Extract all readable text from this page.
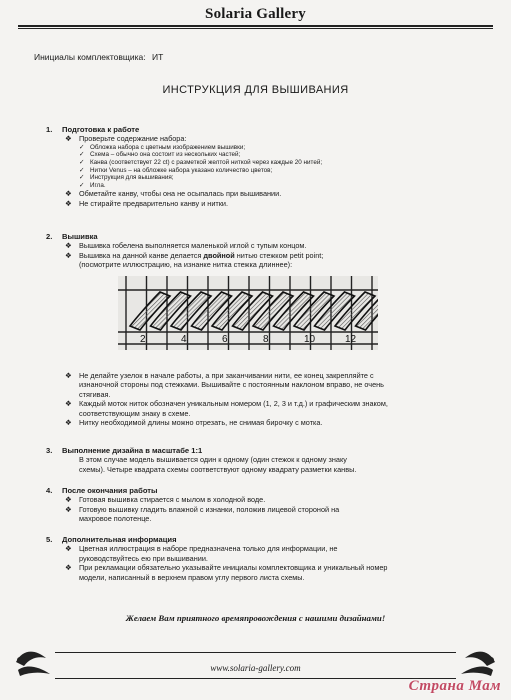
Solaria Gallery
Инициалы комплектовщика: ИТ
ИНСТРУКЦИЯ ДЛЯ ВЫШИВАНИЯ
1. Подготовка к работе
❖ Проверьте содержание набора:
✓ Обложка набора с цветным изображением вышивки;
✓ Схема – обычно она состоит из нескольких частей;
✓ Канва (соответствует 22 ct) с разметкой желтой ниткой через каждые 20 нитей;
✓ Нитки Venus – на обложке набора указано количество цветов;
✓ Инструкция для вышивания;
✓ Игла.
❖ Обметайте канву, чтобы она не осыпалась при вышивании.
❖ Не стирайте предварительно канву и нитки.
2. Вышивка
❖ Вышивка гобелена выполняется маленькой иглой с тупым концом.
❖ Вышивка на данной канве делается двойной нитью стежком petit point;
(посмотрите иллюстрацию, на изнанке нитка стежка длиннее):
2	4	6	8	10	12
❖ Не делайте узелок в начале работы, а при заканчивании нити, ее конец закрепляйте с
изнаночной стороны под стежками. Вышивайте с постоянным наклоном вправо, не очень
стягивая.
❖ Каждый моток ниток обозначен уникальным номером (1, 2, 3 и т.д.) и графическим знаком,
соответствующим знаку в схеме.
❖ Нитку необходимой длины можно отрезать, не снимая бирочку с мотка.
3. Выполнение дизайна в масштабе 1:1
В этом случае модель вышивается один к одному (один стежок к одному знаку
схемы). Четыре квадрата схемы соответствуют одному квадрату разметки канвы.
4. После окончания работы
❖ Готовая вышивка стирается с мылом в холодной воде.
❖ Готовую вышивку гладить влажной с изнанки, положив лицевой стороной на
махровое полотенце.
5. Дополнительная информация
❖ Цветная иллюстрация в наборе предназначена только для информации, не
руководствуйтесь ею при вышивании.
❖ При рекламации обязательно указывайте инициалы комплектовщика и уникальный номер
модели, написанный в верхнем правом углу первого листа схемы.
Желаем Вам приятного времяпровождения с нашими дизайнами!
www.solaria-gallery.com
Страна Мам
